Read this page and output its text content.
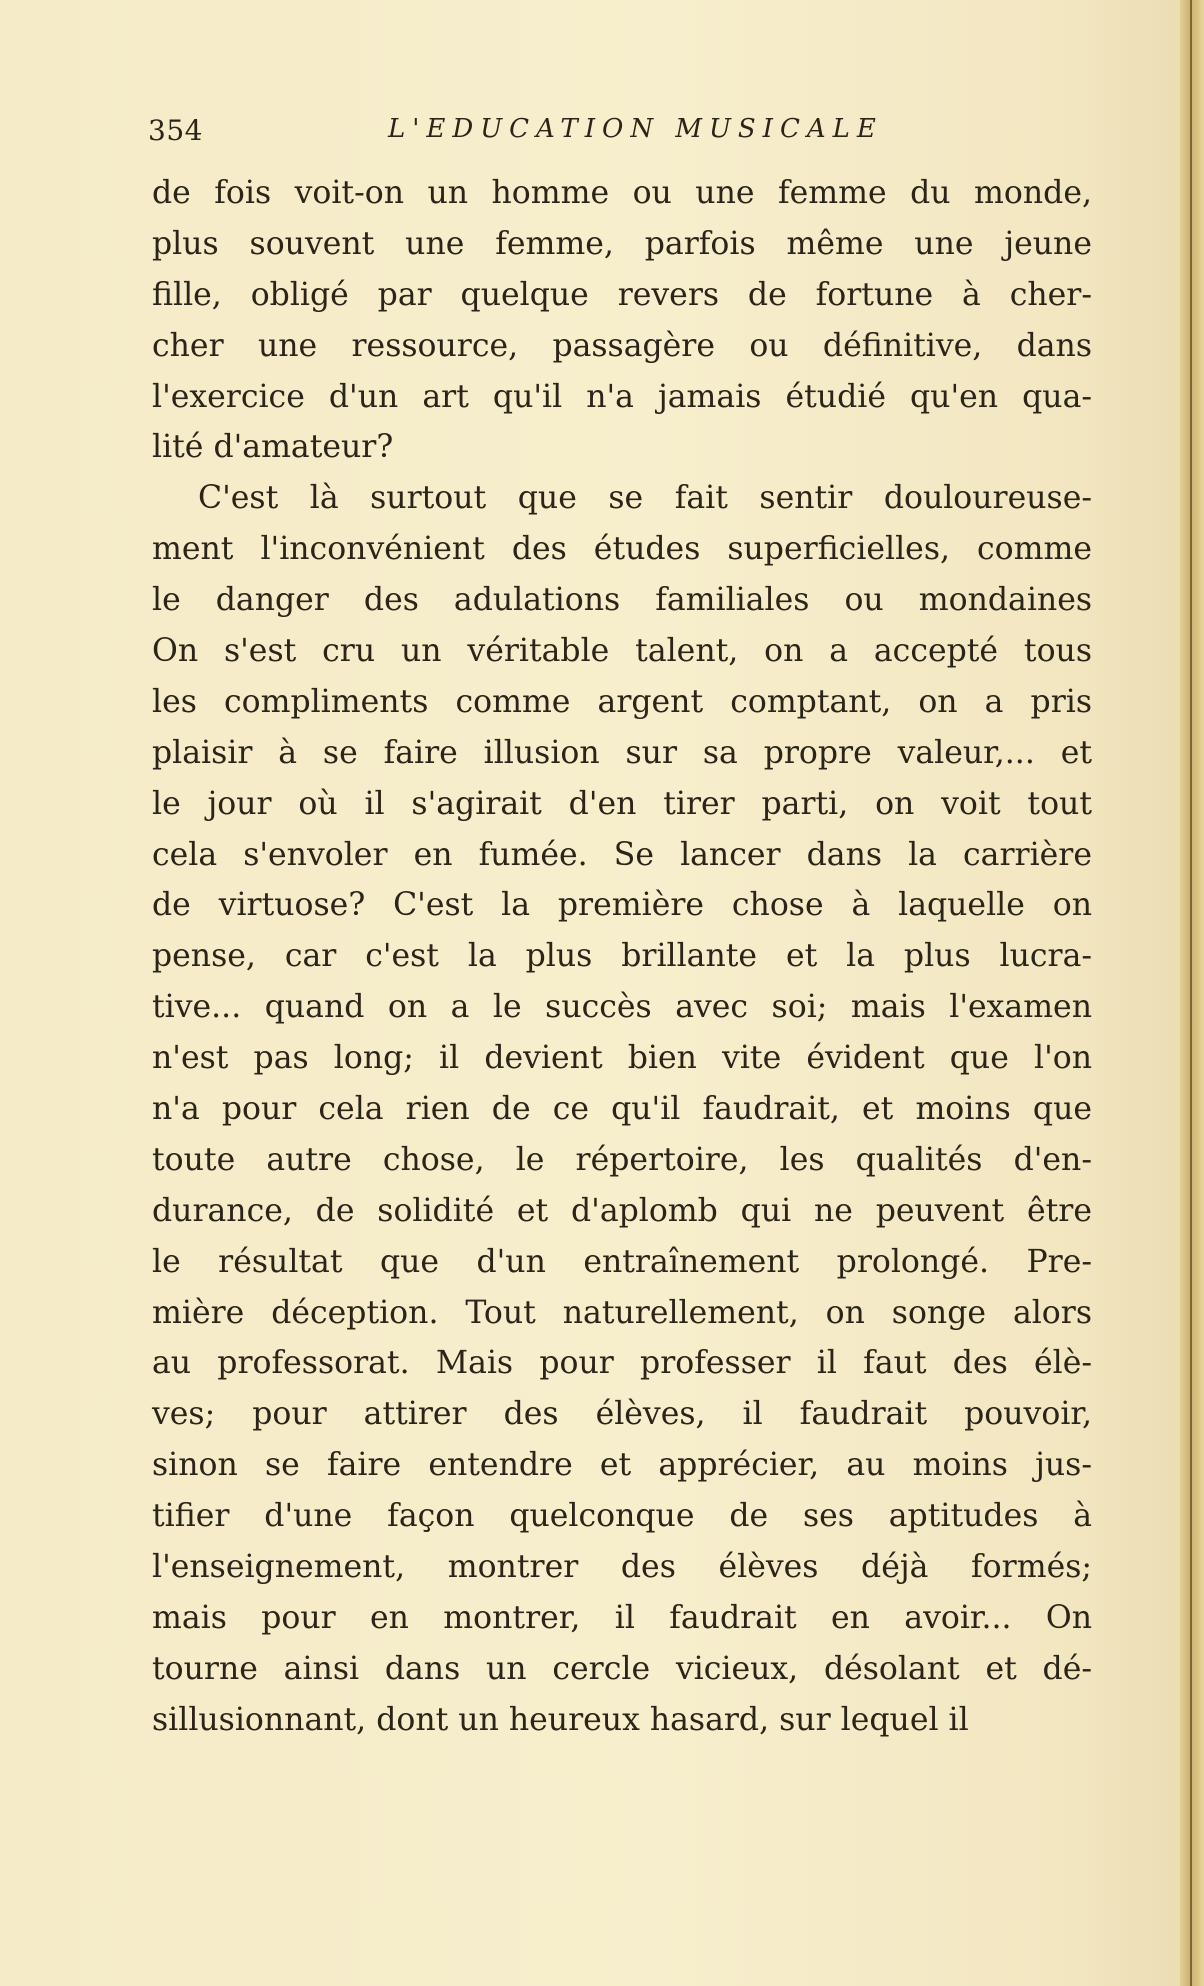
354	L'EDUCATION MUSICALE
de fois voit-on un homme ou une femme du monde,
plus souvent une femme, parfois même une jeune
fille, obligé par quelque revers de fortune à cher-
cher une ressource, passagère ou définitive, dans
l'exercice d'un art qu'il n'a jamais étudié qu'en qua-
lité d'amateur?
C'est là surtout que se fait sentir douloureuse-
ment l'inconvénient des études superficielles, comme
le danger des adulations familiales ou mondaines
On s'est cru un véritable talent, on a accepté tous
les compliments comme argent comptant, on a pris
plaisir à se faire illusion sur sa propre valeur,... et
le jour où il s'agirait d'en tirer parti, on voit tout
cela s'envoler en fumée. Se lancer dans la carrière
de virtuose? C'est la première chose à laquelle on
pense, car c'est la plus brillante et la plus lucra-
tive... quand on a le succès avec soi; mais l'examen
n'est pas long; il devient bien vite évident que l'on
n'a pour cela rien de ce qu'il faudrait, et moins que
toute autre chose, le répertoire, les qualités d'en-
durance, de solidité et d'aplomb qui ne peuvent être
le résultat que d'un entraînement prolongé. Pre-
mière déception. Tout naturellement, on songe alors
au professorat. Mais pour professer il faut des élè-
ves; pour attirer des élèves, il faudrait pouvoir,
sinon se faire entendre et apprécier, au moins jus-
tifier d'une façon quelconque de ses aptitudes à
l'enseignement, montrer des élèves déjà formés;
mais pour en montrer, il faudrait en avoir... On
tourne ainsi dans un cercle vicieux, désolant et dé-
sillusionnant, dont un heureux hasard, sur lequel il
